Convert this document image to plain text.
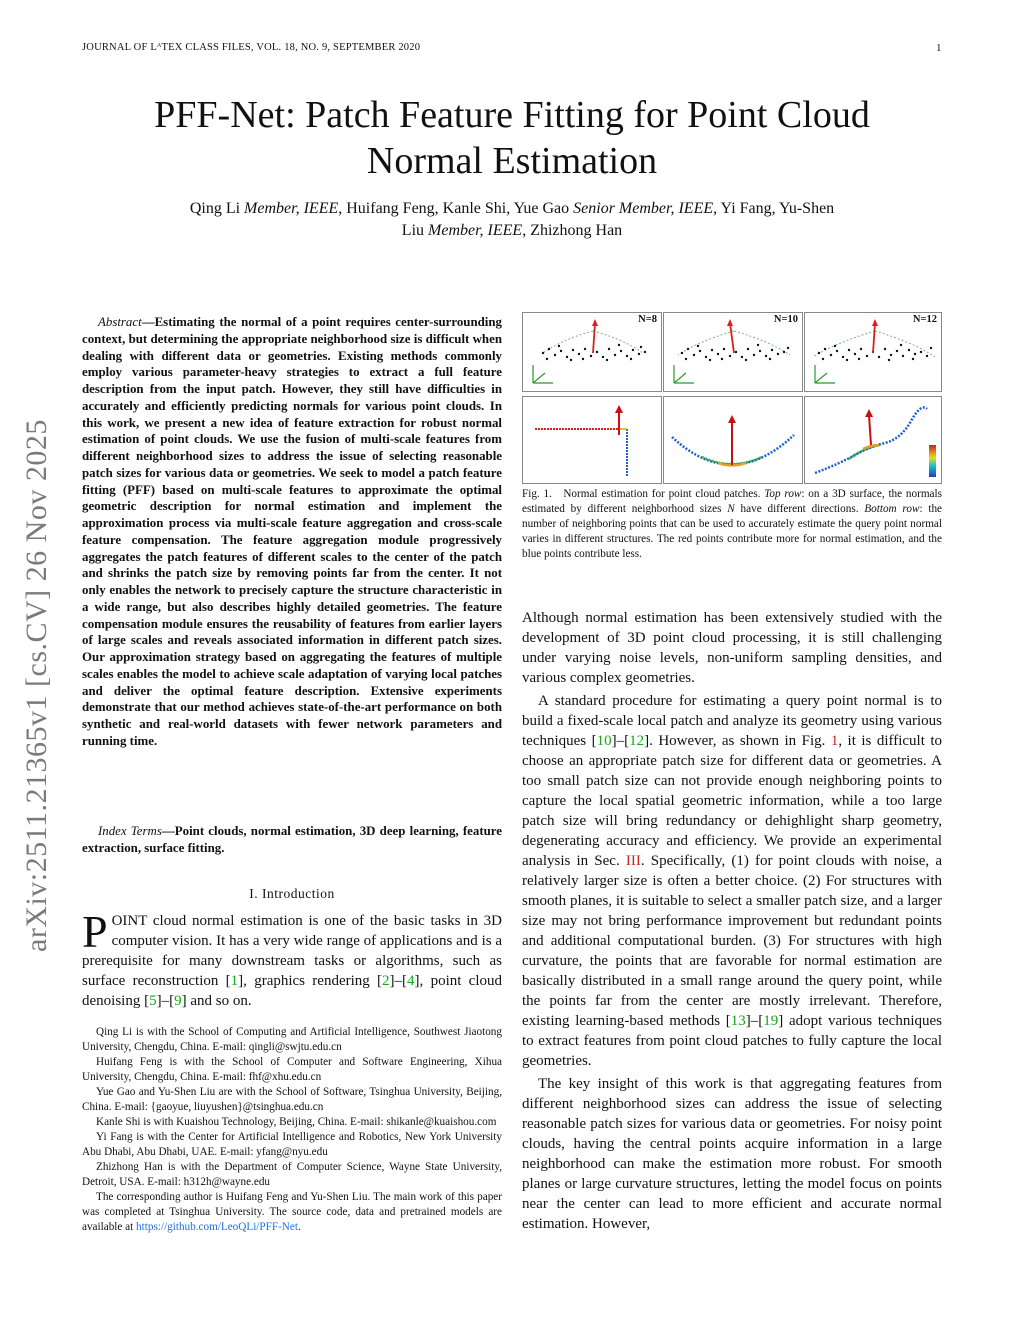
JOURNAL OF LᴬTEX CLASS FILES, VOL. 18, NO. 9, SEPTEMBER 2020	1
PFF-Net: Patch Feature Fitting for Point Cloud
Normal Estimation
Qing Li Member, IEEE, Huifang Feng, Kanle Shi, Yue Gao Senior Member, IEEE, Yi Fang, Yu-Shen
Liu Member, IEEE, Zhizhong Han
arXiv:2511.21365v1 [cs.CV] 26 Nov 2025

Abstract—Estimating the normal of a point requires center-surrounding context, but determining the appropriate neighborhood size is difficult when dealing with different data or geometries. Existing methods commonly employ various parameter-heavy strategies to extract a full feature description from the input patch. However, they still have difficulties in accurately and efficiently predicting normals for various point clouds. In this work, we present a new idea of feature extraction for robust normal estimation of point clouds. We use the fusion of multi-scale features from different neighborhood sizes to address the issue of selecting reasonable patch sizes for various data or geometries. We seek to model a patch feature fitting (PFF) based on multi-scale features to approximate the optimal geometric description for normal estimation and implement the approximation process via multi-scale feature aggregation and cross-scale feature compensation. The feature aggregation module progressively aggregates the patch features of different scales to the center of the patch and shrinks the patch size by removing points far from the center. It not only enables the network to precisely capture the structure characteristic in a wide range, but also describes highly detailed geometries. The feature compensation module ensures the reusability of features from earlier layers of large scales and reveals associated information in different patch sizes. Our approximation strategy based on aggregating the features of multiple scales enables the model to achieve scale adaptation of varying local patches and deliver the optimal feature description. Extensive experiments demonstrate that our method achieves state-of-the-art performance on both synthetic and real-world datasets with fewer network parameters and running time.

Index Terms—Point clouds, normal estimation, 3D deep learning, feature extraction, surface fitting.

I. Introduction

POINT cloud normal estimation is one of the basic tasks in 3D computer vision. It has a very wide range of applications and is a prerequisite for many downstream tasks or algorithms, such as surface reconstruction [1], graphics rendering [2]–[4], point cloud denoising [5]–[9] and so on.

Qing Li is with the School of Computing and Artificial Intelligence, Southwest Jiaotong University, Chengdu, China. E-mail: qingli@swjtu.edu.cn

Huifang Feng is with the School of Computer and Software Engineering, Xihua University, Chengdu, China. E-mail: fhf@xhu.edu.cn

Yue Gao and Yu-Shen Liu are with the School of Software, Tsinghua University, Beijing, China. E-mail: {gaoyue, liuyushen}@tsinghua.edu.cn

Kanle Shi is with Kuaishou Technology, Beijing, China. E-mail: shikanle@kuaishou.com

Yi Fang is with the Center for Artificial Intelligence and Robotics, New York University Abu Dhabi, Abu Dhabi, UAE. E-mail: yfang@nyu.edu

Zhizhong Han is with the Department of Computer Science, Wayne State University, Detroit, USA. E-mail: h312h@wayne.edu

The corresponding author is Huifang Feng and Yu-Shen Liu. The main work of this paper was completed at Tsinghua University. The source code, data and pretrained models are available at https://github.com/LeoQLi/PFF-Net.

N=8	N=10	N=12
Fig. 1. Normal estimation for point cloud patches. Top row: on a 3D surface, the normals estimated by different neighborhood sizes N have different directions. Bottom row: the number of neighboring points that can be used to accurately estimate the query point normal varies in different structures. The red points contribute more for normal estimation, and the blue points contribute less.

Although normal estimation has been extensively studied with the development of 3D point cloud processing, it is still challenging under varying noise levels, non-uniform sampling densities, and various complex geometries.

A standard procedure for estimating a query point normal is to build a fixed-scale local patch and analyze its geometry using various techniques [10]–[12]. However, as shown in Fig. 1, it is difficult to choose an appropriate patch size for different data or geometries. A too small patch size can not provide enough neighboring points to capture the local spatial geometric information, while a too large patch size will bring redundancy or dehighlight sharp geometry, degenerating accuracy and efficiency. We provide an experimental analysis in Sec. III. Specifically, (1) for point clouds with noise, a relatively larger size is often a better choice. (2) For structures with smooth planes, it is suitable to select a smaller patch size, and a larger size may not bring performance improvement but redundant points and additional computational burden. (3) For structures with high curvature, the points that are favorable for normal estimation are basically distributed in a small range around the query point, while the points far from the center are mostly irrelevant. Therefore, existing learning-based methods [13]–[19] adopt various techniques to extract features from point cloud patches to fully capture the local geometries.

The key insight of this work is that aggregating features from different neighborhood sizes can address the issue of selecting reasonable patch sizes for various data or geometries. For noisy point clouds, having the central points acquire information in a large neighborhood can make the estimation more robust. For smooth planes or large curvature structures, letting the model focus on points near the center can lead to more efficient and accurate normal estimation. However,
